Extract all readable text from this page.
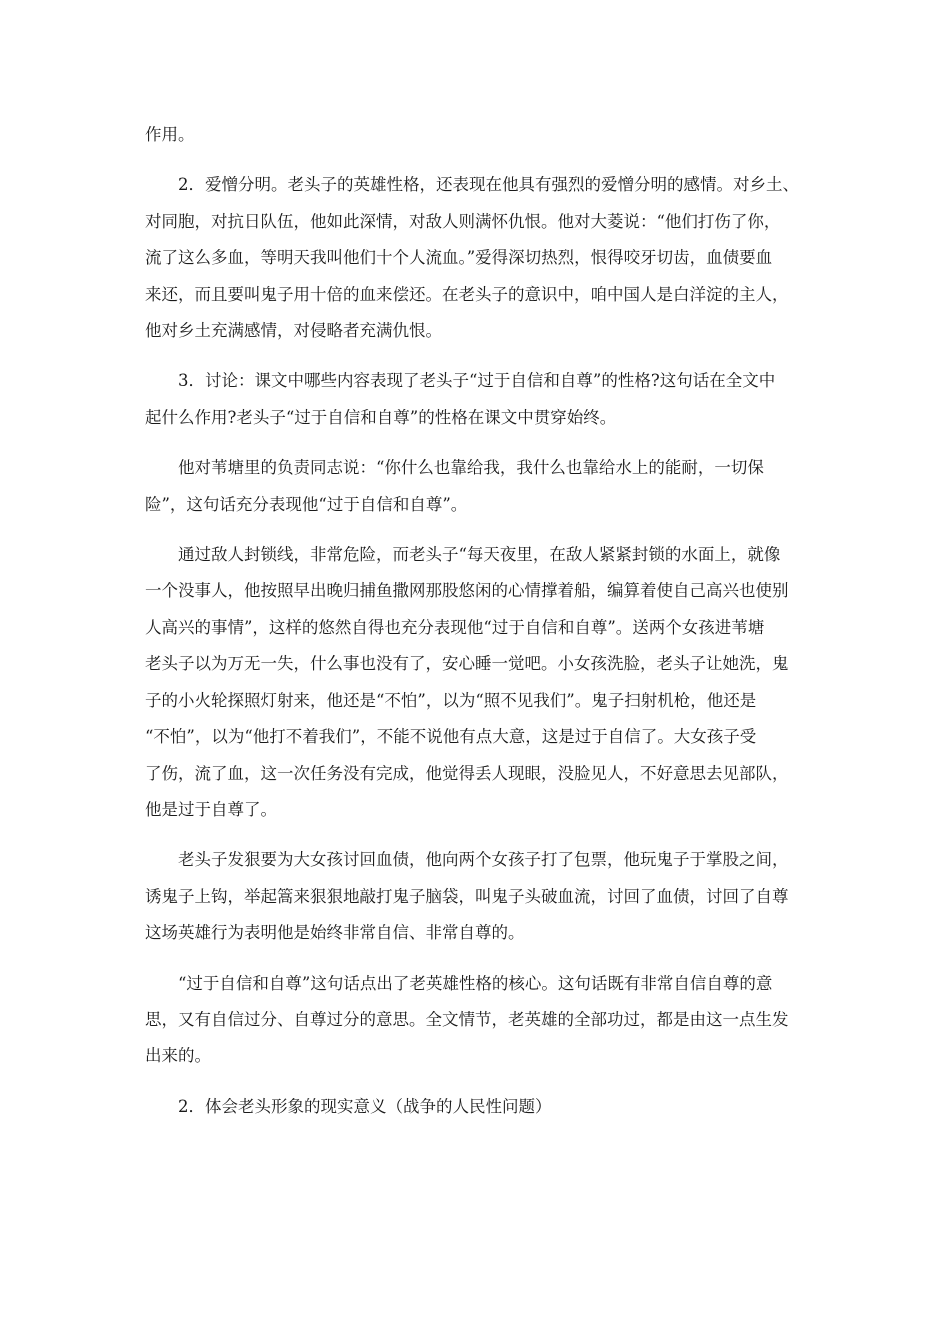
作用。

2．爱憎分明。老头子的英雄性格，还表现在他具有强烈的爱憎分明的感情。对乡土、
对同胞，对抗日队伍，他如此深情，对敌人则满怀仇恨。他对大菱说：“他们打伤了你，
流了这么多血，等明天我叫他们十个人流血。”爱得深切热烈，恨得咬牙切齿，血债要血
来还，而且要叫鬼子用十倍的血来偿还。在老头子的意识中，咱中国人是白洋淀的主人，
他对乡土充满感情，对侵略者充满仇恨。

3．讨论：课文中哪些内容表现了老头子“过于自信和自尊”的性格?这句话在全文中
起什么作用?老头子“过于自信和自尊”的性格在课文中贯穿始终。

他对苇塘里的负责同志说：“你什么也靠给我，我什么也靠给水上的能耐，一切保
险”，这句话充分表现他“过于自信和自尊”。

通过敌人封锁线，非常危险，而老头子“每天夜里，在敌人紧紧封锁的水面上，就像
一个没事人，他按照早出晚归捕鱼撒网那股悠闲的心情撑着船，编算着使自己高兴也使别
人高兴的事情”，这样的悠然自得也充分表现他“过于自信和自尊”。送两个女孩进苇塘
老头子以为万无一失，什么事也没有了，安心睡一觉吧。小女孩洗脸，老头子让她洗，鬼
子的小火轮探照灯射来，他还是“不怕”，以为“照不见我们”。鬼子扫射机枪，他还是
“不怕”，以为“他打不着我们”，不能不说他有点大意，这是过于自信了。大女孩子受
了伤，流了血，这一次任务没有完成，他觉得丢人现眼，没脸见人，不好意思去见部队，
他是过于自尊了。

老头子发狠要为大女孩讨回血债，他向两个女孩子打了包票，他玩鬼子于掌股之间，
诱鬼子上钩，举起篙来狠狠地敲打鬼子脑袋，叫鬼子头破血流，讨回了血债，讨回了自尊
这场英雄行为表明他是始终非常自信、非常自尊的。

“过于自信和自尊”这句话点出了老英雄性格的核心。这句话既有非常自信自尊的意
思，又有自信过分、自尊过分的意思。全文情节，老英雄的全部功过，都是由这一点生发
出来的。

2．体会老头形象的现实意义（战争的人民性问题）
